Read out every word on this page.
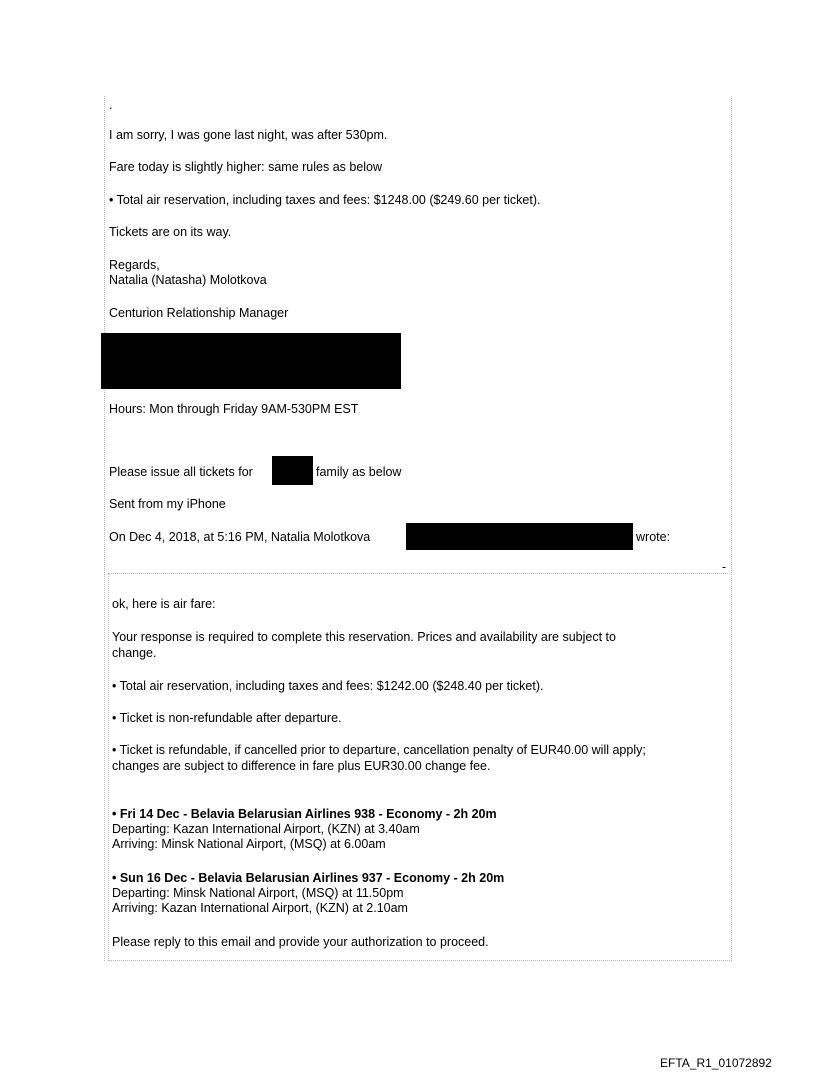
.

I am sorry, I was gone last night, was after 530pm.

Fare today is slightly higher: same rules as below

• Total air reservation, including taxes and fees: $1248.00 ($249.60 per ticket).

Tickets are on its way.

Regards,

Natalia (Natasha) Molotkova

Centurion Relationship Manager

Hours: Mon through Friday 9AM-530PM EST

Please issue all tickets for	family as below

Sent from my iPhone

On Dec 4, 2018, at 5:16 PM, Natalia Molotkova	wrote:

-

ok, here is air fare:

Your response is required to complete this reservation. Prices and availability are subject to

change.

• Total air reservation, including taxes and fees: $1242.00 ($248.40 per ticket).

• Ticket is non-refundable after departure.

• Ticket is refundable, if cancelled prior to departure, cancellation penalty of EUR40.00 will apply;

changes are subject to difference in fare plus EUR30.00 change fee.

• Fri 14 Dec - Belavia Belarusian Airlines 938 - Economy - 2h 20m

Departing: Kazan International Airport, (KZN) at 3.40am

Arriving: Minsk National Airport, (MSQ) at 6.00am

• Sun 16 Dec - Belavia Belarusian Airlines 937 - Economy - 2h 20m

Departing: Minsk National Airport, (MSQ) at 11.50pm

Arriving: Kazan International Airport, (KZN) at 2.10am

Please reply to this email and provide your authorization to proceed.

EFTA_R1_01072892
